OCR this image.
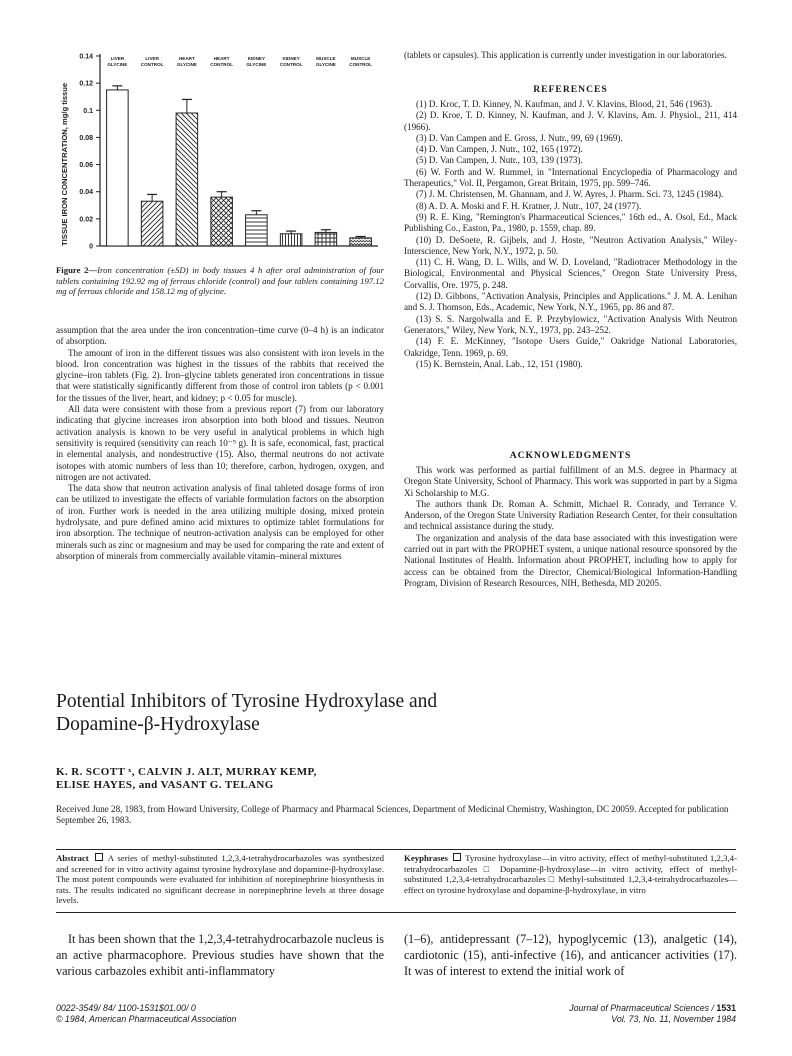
TISSUE IRON CONCENTRATION, mg/g tissue
0
0.02
0.04
0.06
0.08
0.1
0.12
0.14	LIVER
GLYCINE
LIVER
CONTROL
HEART
GLYCINE
HEART
CONTROL
KIDNEY
GLYCINE
KIDNEY
CONTROL
MUSCLE
GLYCINE
MUSCLE
CONTROL
Figure 2—Iron concentration (±SD) in body tissues 4 h after oral administration of four tablets containing 192.92 mg of ferrous chloride (control) and four tablets containing 197.12 mg of ferrous chloride and 158.12 mg of glycine.

assumption that the area under the iron concentration–time curve (0–4 h) is an indicator of absorption.

The amount of iron in the different tissues was also consistent with iron levels in the blood. Iron concentration was highest in the tissues of the rabbits that received the glycine–iron tablets (Fig. 2). Iron–glycine tablets generated iron concentrations in tissue that were statistically significantly different from those of control iron tablets (p < 0.001 for the tissues of the liver, heart, and kidney; p < 0.05 for muscle).

All data were consistent with those from a previous report (7) from our laboratory indicating that glycine increases iron absorption into both blood and tissues. Neutron activation analysis is known to be very useful in analytical problems in which high sensitivity is required (sensitivity can reach 10⁻⁹ g). It is safe, economical, fast, practical in elemental analysis, and nondestructive (15). Also, thermal neutrons do not activate isotopes with atomic numbers of less than 10; therefore, carbon, hydrogen, oxygen, and nitrogen are not activated.

The data show that neutron activation analysis of final tableted dosage forms of iron can be utilized to investigate the effects of variable formulation factors on the absorption of iron. Further work is needed in the area utilizing multiple dosing, mixed protein hydrolysate, and pure defined amino acid mixtures to optimize tablet formulations for iron absorption. The technique of neutron-activation analysis can be employed for other minerals such as zinc or magnesium and may be used for comparing the rate and extent of absorption of minerals from commercially available vitamin–mineral mixtures

(tablets or capsules). This application is currently under investigation in our laboratories.

REFERENCES

(1) D. Kroc, T. D. Kinney, N. Kaufman, and J. V. Klavins, Blood, 21, 546 (1963).

(2) D. Kroe, T. D. Kinney, N. Kaufman, and J. V. Klavins, Am. J. Physiol., 211, 414 (1966).

(3) D. Van Campen and E. Gross, J. Nutr., 99, 69 (1969).

(4) D. Van Campen, J. Nutr., 102, 165 (1972).

(5) D. Van Campen, J. Nutr., 103, 139 (1973).

(6) W. Forth and W. Rummel, in "International Encyclopedia of Pharmacology and Therapeutics," Vol. II, Pergamon, Great Britain, 1975, pp. 599–746.

(7) J. M. Christensen, M. Ghannam, and J. W. Ayres, J. Pharm. Sci. 73, 1245 (1984).

(8) A. D. A. Moski and F. H. Kratner, J. Nutr., 107, 24 (1977).

(9) R. E. King, "Remington's Pharmaceutical Sciences," 16th ed., A. Osol, Ed., Mack Publishing Co., Easton, Pa., 1980, p. 1559, chap. 89.

(10) D. DeSoete, R. Gijbels, and J. Hoste, "Neutron Activation Analysis," Wiley-Interscience, New York, N.Y., 1972, p. 50.

(11) C. H. Wang, D. L. Wills, and W. D. Loveland, "Radiotracer Methodology in the Biological, Environmental and Physical Sciences," Oregon State University Press, Corvallis, Ore. 1975, p. 248.

(12) D. Gibbons, "Activation Analysis, Principles and Applications." J. M. A. Lenihan and S. J. Thomson, Eds., Academic, New York, N.Y., 1965, pp. 86 and 87.

(13) S. S. Nargolwalla and E. P. Przybylowicz, "Activation Analysis With Neutron Generators," Wiley, New York, N.Y., 1973, pp. 243–252.

(14) F. E. McKinney, "Isotope Users Guide," Oakridge National Laboratories, Oakridge, Tenn. 1969, p. 69.

(15) K. Bernstein, Anal. Lab., 12, 151 (1980).

ACKNOWLEDGMENTS

This work was performed as partial fulfillment of an M.S. degree in Pharmacy at Oregon State University, School of Pharmacy. This work was supported in part by a Sigma Xi Scholarship to M.G.

The authors thank Dr. Roman A. Schmitt, Michael R. Conrady, and Terrance V. Anderson, of the Oregon State University Radiation Research Center, for their consultation and technical assistance during the study.

The organization and analysis of the data base associated with this investigation were carried out in part with the PROPHET system, a unique national resource sponsored by the National Institutes of Health. Information about PROPHET, including how to apply for access can be obtained from the Director, Chemical/Biological Information-Handling Program, Division of Research Resources, NIH, Bethesda, MD 20205.

Potential Inhibitors of Tyrosine Hydroxylase and
Dopamine-β-Hydroxylase
K. R. SCOTT ˣ, CALVIN J. ALT, MURRAY KEMP,
ELISE HAYES, and VASANT G. TELANG
Received June 28, 1983, from Howard University, College of Pharmacy and Pharmacal Sciences, Department of Medicinal Chemistry, Washington, DC 20059. Accepted for publication September 26, 1983.
Abstract A series of methyl-substituted 1,2,3,4-tetrahydrocarbazoles was synthesized and screened for in vitro activity against tyrosine hydroxylase and dopamine-β-hydroxylase. The most potent compounds were evaluated for inhibition of norepinephrine biosynthesis in rats. The results indicated no significant decrease in norepinephrine levels at three dosage levels.
Keyphrases Tyrosine hydroxylase—in vitro activity, effect of methyl-substituted 1,2,3,4-tetrahydrocarbazoles □ Dopamine-β-hydroxylase—in vitro activity, effect of methyl-substituted 1,2,3,4-tetrahydrocarbazoles □ Methyl-substituted 1,2,3,4-tetrahydrocarbazoles—effect on tyrosine hydroxylase and dopamine-β-hydroxylase, in vitro
It has been shown that the 1,2,3,4-tetrahydrocarbazole nucleus is an active pharmacophore. Previous studies have shown that the various carbazoles exhibit anti-inflammatory
(1–6), antidepressant (7–12), hypoglycemic (13), analgetic (14), cardiotonic (15), anti-infective (16), and anticancer activities (17). It was of interest to extend the initial work of
0022-3549/ 84/ 1100-1531$01.00/ 0
© 1984, American Pharmaceutical Association
Journal of Pharmaceutical Sciences / 1531
Vol. 73, No. 11, November 1984
